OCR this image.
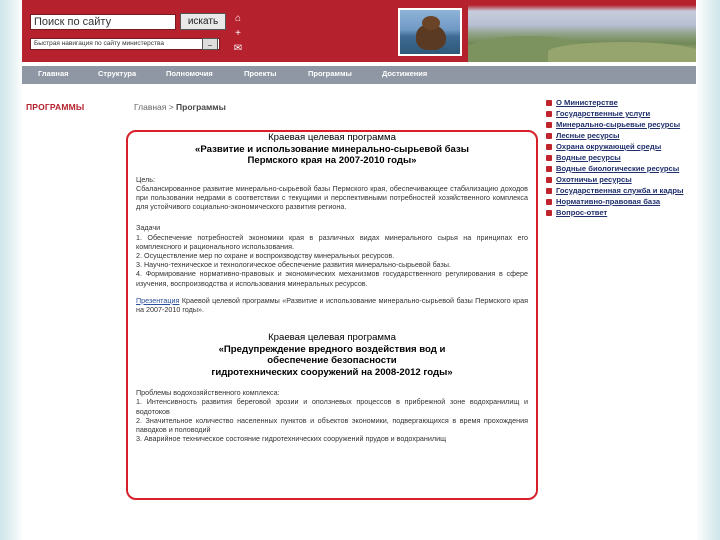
Поиск по сайту	искать
Быстрая навигация по сайту министерства	_
⌂
+
✉
Главная	Структура	Полномочия	Проекты	Программы	Достижения
ПРОГРАММЫ	Главная > Программы
Краевая целевая программа
«Развитие и использование минерально-сырьевой базы
Пермского края на 2007-2010 годы»
Цель:
Сбалансированное развитие минерально-сырьевой базы Пермского края, обеспечивающее стабилизацию доходов при пользовании недрами в соответствии с текущими и перспективными потребностей хозяйственного комплекса для устойчивого социально-экономического развития региона.
Задачи
1. Обеспечение потребностей экономики края в различных видах минерального сырья на принципах его комплексного и рационального использования.
2. Осуществление мер по охране и воспроизводству минеральных ресурсов.
3. Научно-техническое и технологическое обеспечение развития минерально-сырьевой базы.
4. Формирование нормативно-правовых и экономических механизмов государственного регулирования в сфере изучения, воспроизводства и использования минеральных ресурсов.
Презентация Краевой целевой программы «Развитие и использование минерально-сырьевой базы Пермского края на 2007-2010 годы».
Краевая целевая программа
«Предупреждение вредного воздействия вод и
обеспечение безопасности
гидротехнических сооружений на 2008-2012 годы»
Проблемы водохозяйственного комплекса:
1. Интенсивность развития береговой эрозии и оползневых процессов в прибрежной зоне водохранилищ и водотоков
2. Значительное количество населенных пунктов и объектов экономики, подвергающихся в время прохождения паводков и половодий
3. Аварийное техническое состояние гидротехнических сооружений прудов и водохранилищ
О Министерстве
Государственные услуги
Минерально-сырьевые ресурсы
Лесные ресурсы
Охрана окружающей среды
Водные ресурсы
Водные биологические ресурсы
Охотничьи ресурсы
Государственная служба и кадры
Нормативно-правовая база
Вопрос-ответ
